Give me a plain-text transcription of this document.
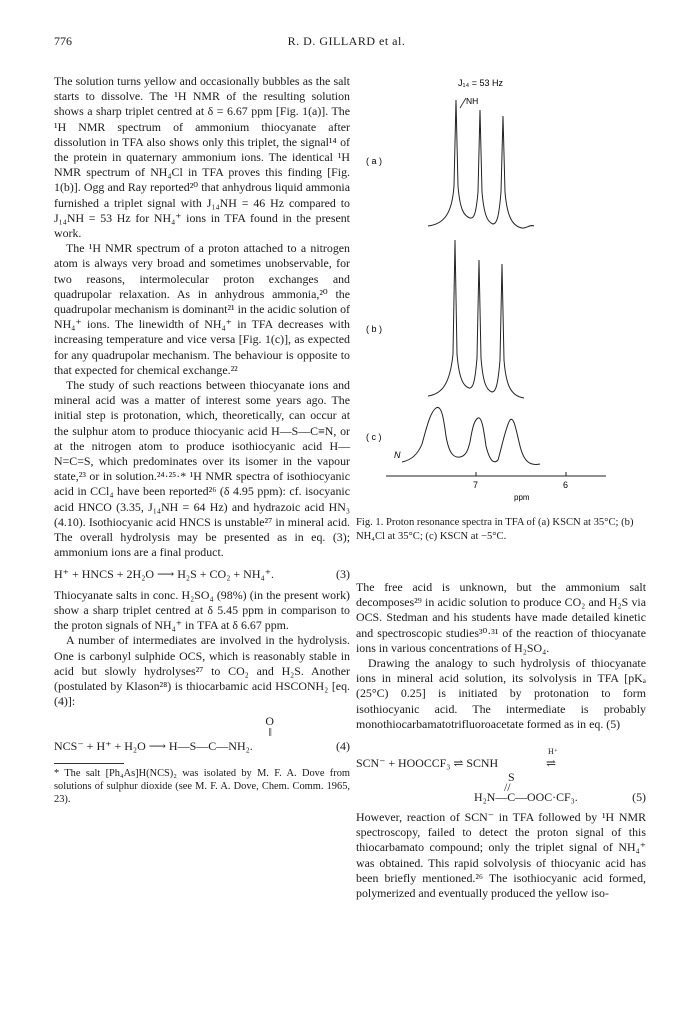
776	R. D. GILLARD et al.

The solution turns yellow and occasionally bubbles as the salt starts to dissolve. The ¹H NMR of the resulting solution shows a sharp triplet centred at δ = 6.67 ppm [Fig. 1(a)]. The ¹H NMR spectrum of ammonium thiocyanate after dissolution in TFA also shows only this triplet, the signal¹⁴ of the protein in quaternary ammonium ions. The identical ¹H NMR spectrum of NH₄Cl in TFA proves this finding [Fig. 1(b)]. Ogg and Ray reported²⁰ that anhydrous liquid ammonia furnished a triplet signal with J₁₄NH = 46 Hz compared to J₁₄NH = 53 Hz for NH₄⁺ ions in TFA found in the present work.

The ¹H NMR spectrum of a proton attached to a nitrogen atom is always very broad and sometimes unobservable, for two reasons, intermolecular proton exchanges and quadrupolar relaxation. As in anhydrous ammonia,²⁰ the quadrupolar mechanism is dominant²¹ in the acidic solution of NH₄⁺ ions. The linewidth of NH₄⁺ in TFA decreases with increasing temperature and vice versa [Fig. 1(c)], as expected for any quadrupolar mechanism. The behaviour is opposite to that expected for chemical exchange.²²

The study of such reactions between thiocyanate ions and mineral acid was a matter of interest some years ago. The initial step is protonation, which, theoretically, can occur at the sulphur atom to produce thiocyanic acid H—S—C≡N, or at the nitrogen atom to produce isothiocyanic acid H—N=C=S, which predominates over its isomer in the vapour state,²³ or in solution.²⁴·²⁵·* ¹H NMR spectra of isothiocyanic acid in CCl₄ have been reported²⁶ (δ 4.95 ppm): cf. isocyanic acid HNCO (3.35, J₁₄NH = 64 Hz) and hydrazoic acid HN₃ (4.10). Isothiocyanic acid HNCS is unstable²⁷ in mineral acid. The overall hydrolysis may be presented as in eq. (3); ammonium ions are a final product.

H⁺ + HNCS + 2H₂O ⟶ H₂S + CO₂ + NH₄⁺.	(3)

Thiocyanate salts in conc. H₂SO₄ (98%) (in the present work) show a sharp triplet centred at δ 5.45 ppm in comparison to the proton signals of NH₄⁺ in TFA at δ 6.67 ppm.

A number of intermediates are involved in the hydrolysis. One is carbonyl sulphide OCS, which is reasonably stable in acid but slowly hydrolyses²⁷ to CO₂ and H₂S. Another (postulated by Klason²⁸) is thiocarbamic acid HSCONH₂ [eq. (4)]:

O
‖
NCS⁻ + H⁺ + H₂O ⟶ H—S—C—NH₂.	(4)

* The salt [Ph₄As]H(NCS)₂ was isolated by M. F. A. Dove from solutions of sulphur dioxide (see M. F. A. Dove, Chem. Comm. 1965, 23).

J₁₄ = 53 Hz
NH
( a )
( b )
( c )
N
7	6
ppm
Fig. 1. Proton resonance spectra in TFA of (a) KSCN at 35°C; (b) NH₄Cl at 35°C; (c) KSCN at −5°C.

The free acid is unknown, but the ammonium salt decomposes²⁹ in acidic solution to produce CO₂ and H₂S via OCS. Stedman and his students have made detailed kinetic and spectroscopic studies³⁰·³¹ of the reaction of thiocyanate ions in various concentrations of H₂SO₄.

Drawing the analogy to such hydrolysis of thiocyanate ions in mineral acid solution, its solvolysis in TFA [pKₐ (25°C) 0.25] is initiated by protonation to form isothiocyanic acid. The intermediate is probably monothiocarbamatotrifluoroacetate formed as in eq. (5)

SCN⁻ + HOOCCF₃ ⇌ SCNH
H⁺
⇌
S
//
H₂N—C—OOC·CF₃.	(5)

However, reaction of SCN⁻ in TFA followed by ¹H NMR spectroscopy, failed to detect the proton signal of this thiocarbamato compound; only the triplet signal of NH₄⁺ was obtained. This rapid solvolysis of thiocyanic acid has been briefly mentioned.²⁶ The isothiocyanic acid formed, polymerized and eventually produced the yellow iso-
